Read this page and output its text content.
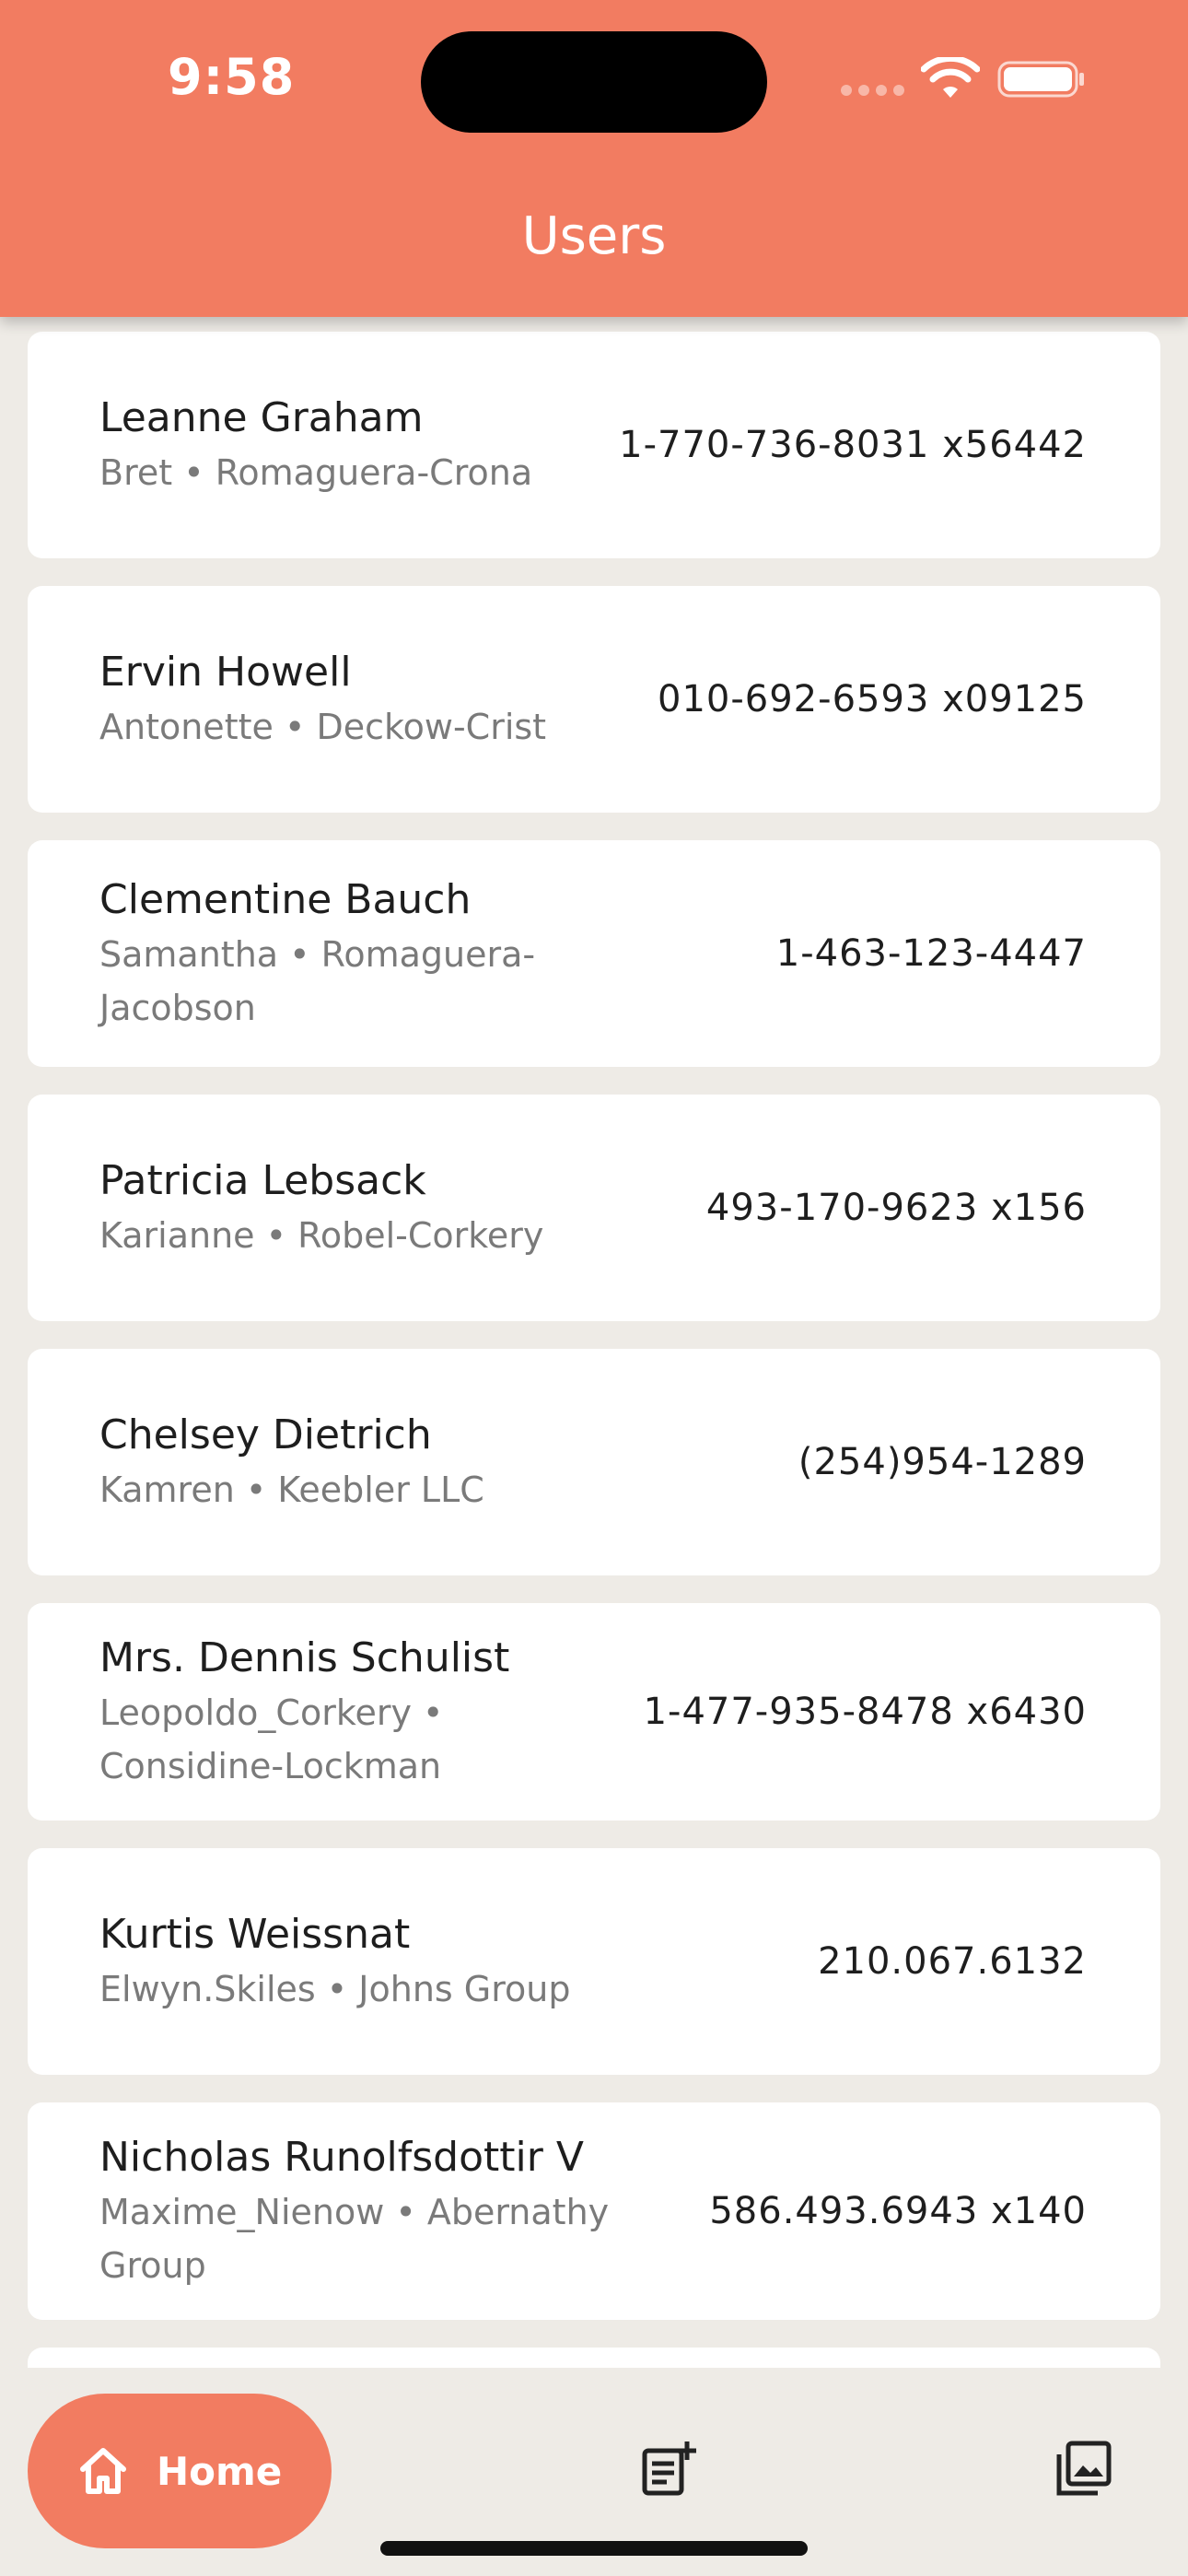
9:58
Users
Leanne Graham
Bret • Romaguera-Crona
1-770-736-8031 x56442
Ervin Howell
Antonette • Deckow-Crist
010-692-6593 x09125
Clementine Bauch
Samantha • Romaguera-Jacobson
1-463-123-4447
Patricia Lebsack
Karianne • Robel-Corkery
493-170-9623 x156
Chelsey Dietrich
Kamren • Keebler LLC
(254)954-1289
Mrs. Dennis Schulist
Leopoldo_Corkery • Considine-Lockman
1-477-935-8478 x6430
Kurtis Weissnat
Elwyn.Skiles • Johns Group
210.067.6132
Nicholas Runolfsdottir V
Maxime_Nienow • Abernathy Group
586.493.6943 x140
Home
